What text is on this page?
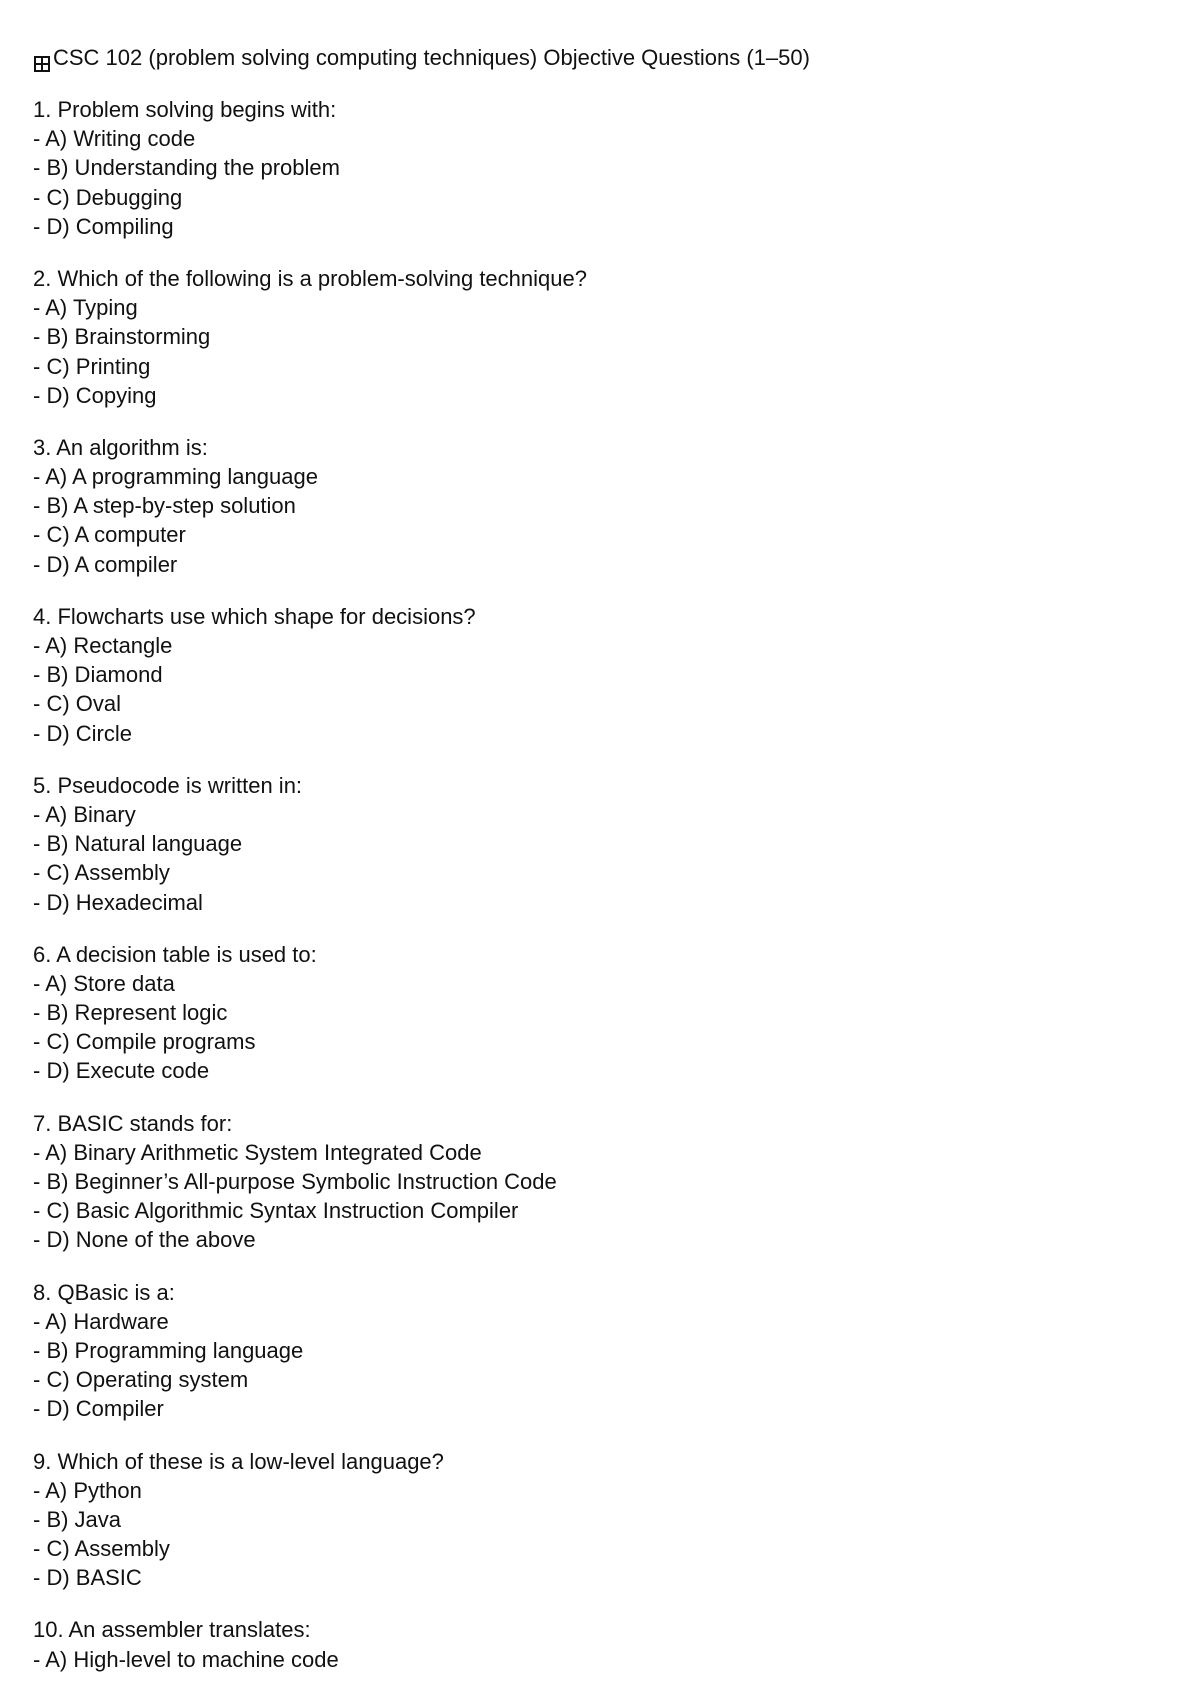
CSC 102 (problem solving computing techniques) Objective Questions (1–50)
1. Problem solving begins with:
- A) Writing code
- B) Understanding the problem
- C) Debugging
- D) Compiling
2. Which of the following is a problem-solving technique?
- A) Typing
- B) Brainstorming
- C) Printing
- D) Copying
3. An algorithm is:
- A) A programming language
- B) A step-by-step solution
- C) A computer
- D) A compiler
4. Flowcharts use which shape for decisions?
- A) Rectangle
- B) Diamond
- C) Oval
- D) Circle
5. Pseudocode is written in:
- A) Binary
- B) Natural language
- C) Assembly
- D) Hexadecimal
6. A decision table is used to:
- A) Store data
- B) Represent logic
- C) Compile programs
- D) Execute code
7. BASIC stands for:
- A) Binary Arithmetic System Integrated Code
- B) Beginner’s All-purpose Symbolic Instruction Code
- C) Basic Algorithmic Syntax Instruction Compiler
- D) None of the above
8. QBasic is a:
- A) Hardware
- B) Programming language
- C) Operating system
- D) Compiler
9. Which of these is a low-level language?
- A) Python
- B) Java
- C) Assembly
- D) BASIC
10. An assembler translates:
- A) High-level to machine code
